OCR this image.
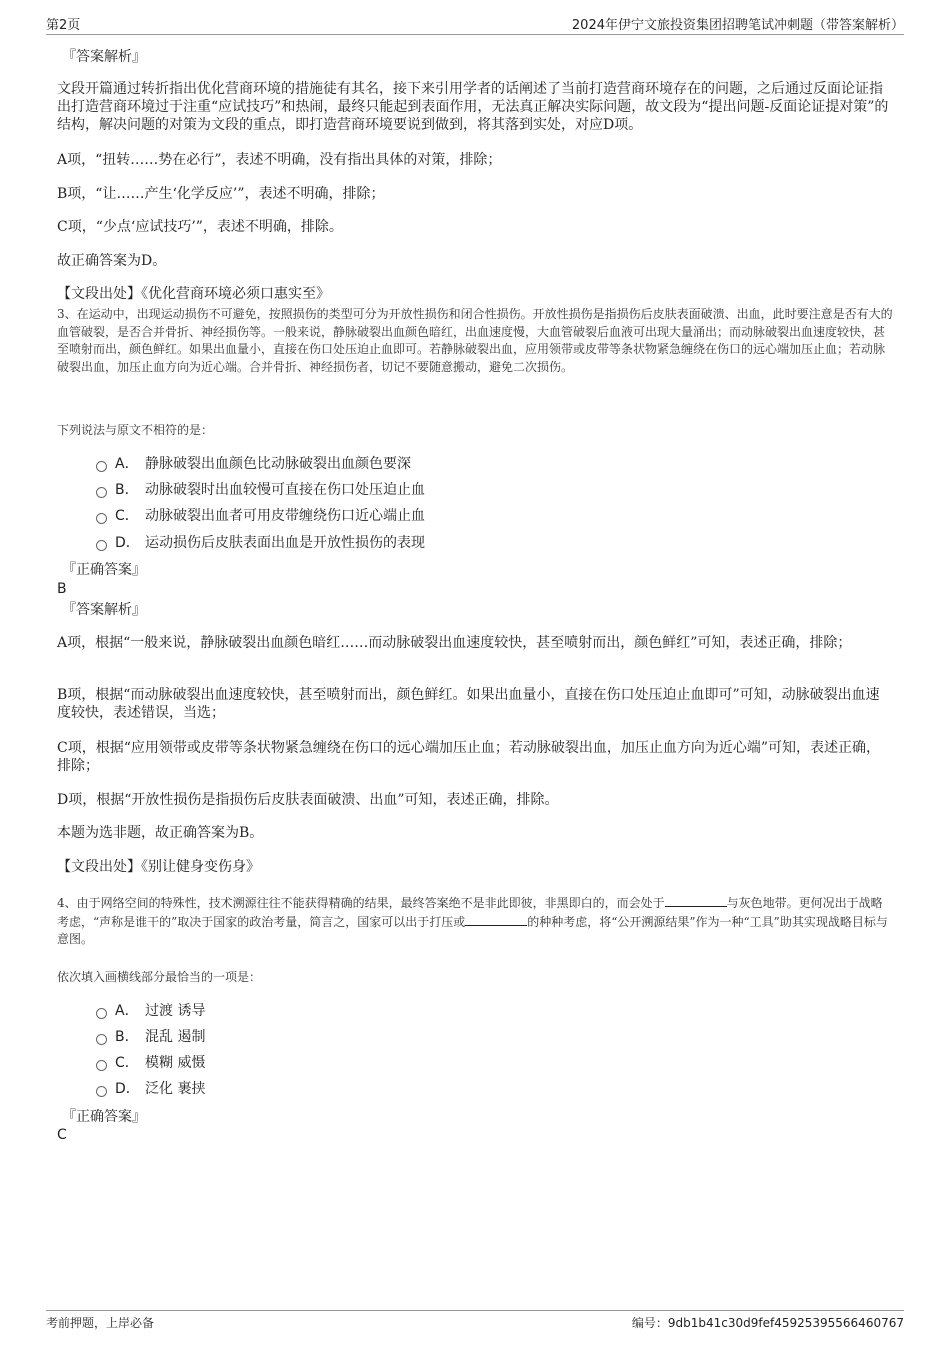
第2页	2024年伊宁文旅投资集团招聘笔试冲刺题（带答案解析）
『答案解析』
文段开篇通过转折指出优化营商环境的措施徒有其名，接下来引用学者的话阐述了当前打造营商环境存在的问题，之后通过反面论证指出打造营商环境过于注重“应试技巧”和热闹，最终只能起到表面作用，无法真正解决实际问题，故文段为“提出问题-反面论证提对策”的结构，解决问题的对策为文段的重点，即打造营商环境要说到做到，将其落到实处，对应D项。
A项，“扭转……势在必行”，表述不明确，没有指出具体的对策，排除；
B项，“让……产生‘化学反应’”，表述不明确，排除；
C项，“少点‘应试技巧’”，表述不明确，排除。
故正确答案为D。
【文段出处】《优化营商环境必须口惠实至》
3、在运动中，出现运动损伤不可避免，按照损伤的类型可分为开放性损伤和闭合性损伤。开放性损伤是指损伤后皮肤表面破溃、出血，此时要注意是否有大的血管破裂，是否合并骨折、神经损伤等。一般来说，静脉破裂出血颜色暗红，出血速度慢，大血管破裂后血液可出现大量涌出；而动脉破裂出血速度较快，甚至喷射而出，颜色鲜红。如果出血量小，直接在伤口处压迫止血即可。若静脉破裂出血，应用领带或皮带等条状物紧急缠绕在伤口的远心端加压止血；若动脉破裂出血，加压止血方向为近心端。合并骨折、神经损伤者，切记不要随意搬动，避免二次损伤。
下列说法与原文不相符的是：
A． 静脉破裂出血颜色比动脉破裂出血颜色要深
B． 动脉破裂时出血较慢可直接在伤口处压迫止血
C． 动脉破裂出血者可用皮带缠绕伤口近心端止血
D． 运动损伤后皮肤表面出血是开放性损伤的表现
『正确答案』
B
『答案解析』
A项，根据“一般来说，静脉破裂出血颜色暗红……而动脉破裂出血速度较快，甚至喷射而出，颜色鲜红”可知，表述正确，排除；
B项，根据“而动脉破裂出血速度较快，甚至喷射而出，颜色鲜红。如果出血量小，直接在伤口处压迫止血即可”可知，动脉破裂出血速度较快，表述错误，当选；
C项，根据“应用领带或皮带等条状物紧急缠绕在伤口的远心端加压止血；若动脉破裂出血，加压止血方向为近心端”可知，表述正确，排除；
D项，根据“开放性损伤是指损伤后皮肤表面破溃、出血”可知，表述正确，排除。
本题为选非题，故正确答案为B。
【文段出处】《别让健身变伤身》
4、由于网络空间的特殊性，技术溯源往往不能获得精确的结果，最终答案绝不是非此即彼，非黑即白的，而会处于	与灰色地带。更何况出于战略考虑，“声称是谁干的”取决于国家的政治考量，简言之，国家可以出于打压或	的种种考虑，将“公开溯源结果”作为一种“工具”助其实现战略目标与意图。
依次填入画横线部分最恰当的一项是：
A． 过渡 诱导
B． 混乱 遏制
C． 模糊 威慑
D． 泛化 裹挟
『正确答案』
C
考前押题，上岸必备	编号：9db1b41c30d9fef4592539556646076‍7
